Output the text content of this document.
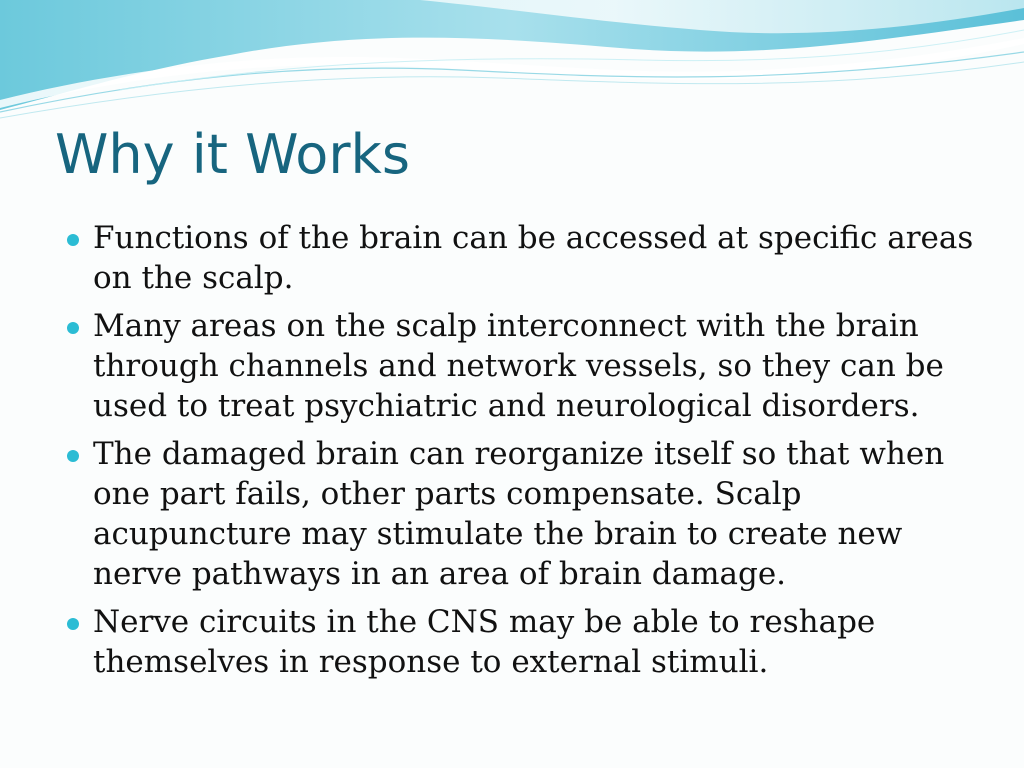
Why it Works
Functions of the brain can be accessed at specific areas on the scalp.
Many areas on the scalp interconnect with the brain through channels and network vessels, so they can be used to treat psychiatric and neurological disorders.
The damaged brain can reorganize itself so that when one part fails, other parts compensate. Scalp acupuncture may stimulate the brain to create new nerve pathways in an area of brain damage.
Nerve circuits in the CNS may be able to reshape themselves in response to external stimuli.
